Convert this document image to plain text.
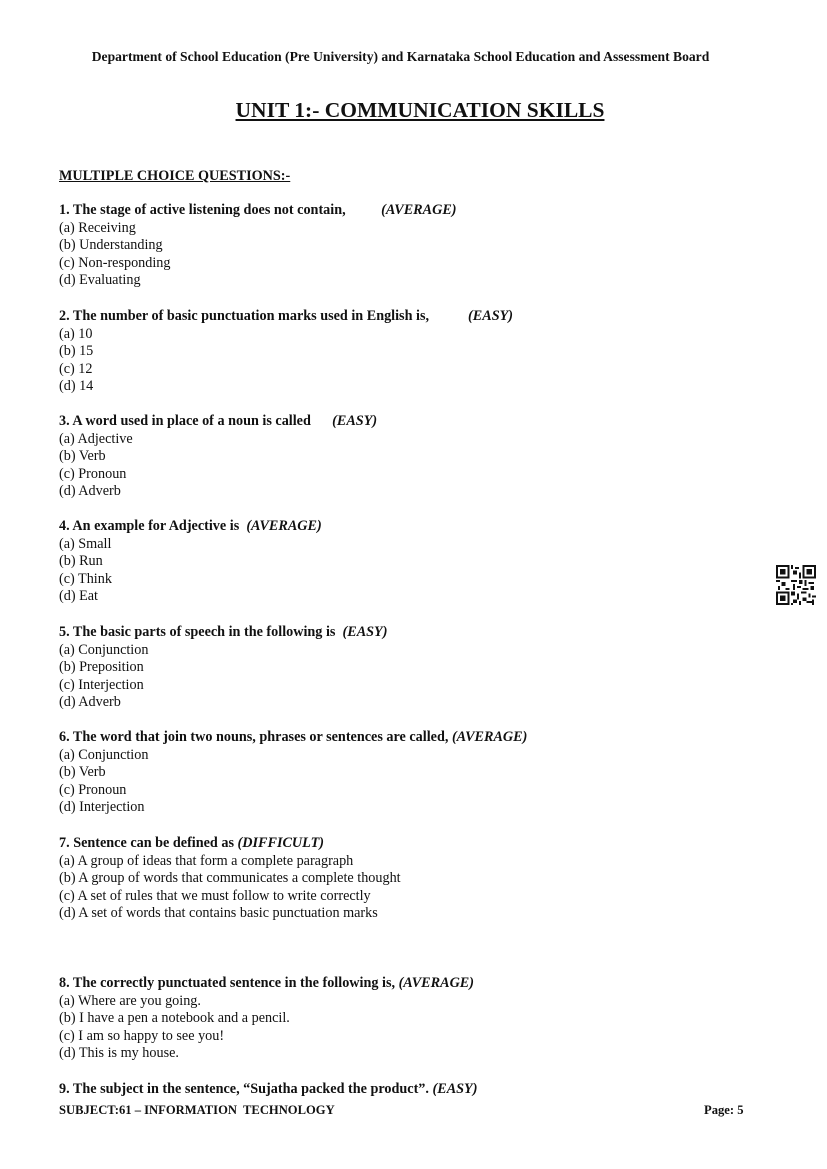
Department of School Education (Pre University) and Karnataka School Education and Assessment Board
UNIT 1:- COMMUNICATION SKILLS
MULTIPLE CHOICE QUESTIONS:-
1. The stage of active listening does not contain,          (AVERAGE)
(a) Receiving
(b) Understanding
(c) Non-responding
(d) Evaluating
2. The number of basic punctuation marks used in English is,           (EASY)
(a) 10
(b) 15
(c) 12
(d) 14
3. A word used in place of a noun is called      (EASY)
(a) Adjective
(b) Verb
(c) Pronoun
(d) Adverb
4. An example for Adjective is  (AVERAGE)
(a) Small
(b) Run
(c) Think
(d) Eat
5. The basic parts of speech in the following is  (EASY)
(a) Conjunction
(b) Preposition
(c) Interjection
(d) Adverb
6. The word that join two nouns, phrases or sentences are called, (AVERAGE)
(a) Conjunction
(b) Verb
(c) Pronoun
(d) Interjection
7. Sentence can be defined as (DIFFICULT)
(a) A group of ideas that form a complete paragraph
(b) A group of words that communicates a complete thought
(c) A set of rules that we must follow to write correctly
(d) A set of words that contains basic punctuation marks
8. The correctly punctuated sentence in the following is, (AVERAGE)
(a) Where are you going.
(b) I have a pen a notebook and a pencil.
(c) I am so happy to see you!
(d) This is my house.
9. The subject in the sentence, “Sujatha packed the product”. (EASY)
SUBJECT:61 – INFORMATION  TECHNOLOGY	Page: 5
